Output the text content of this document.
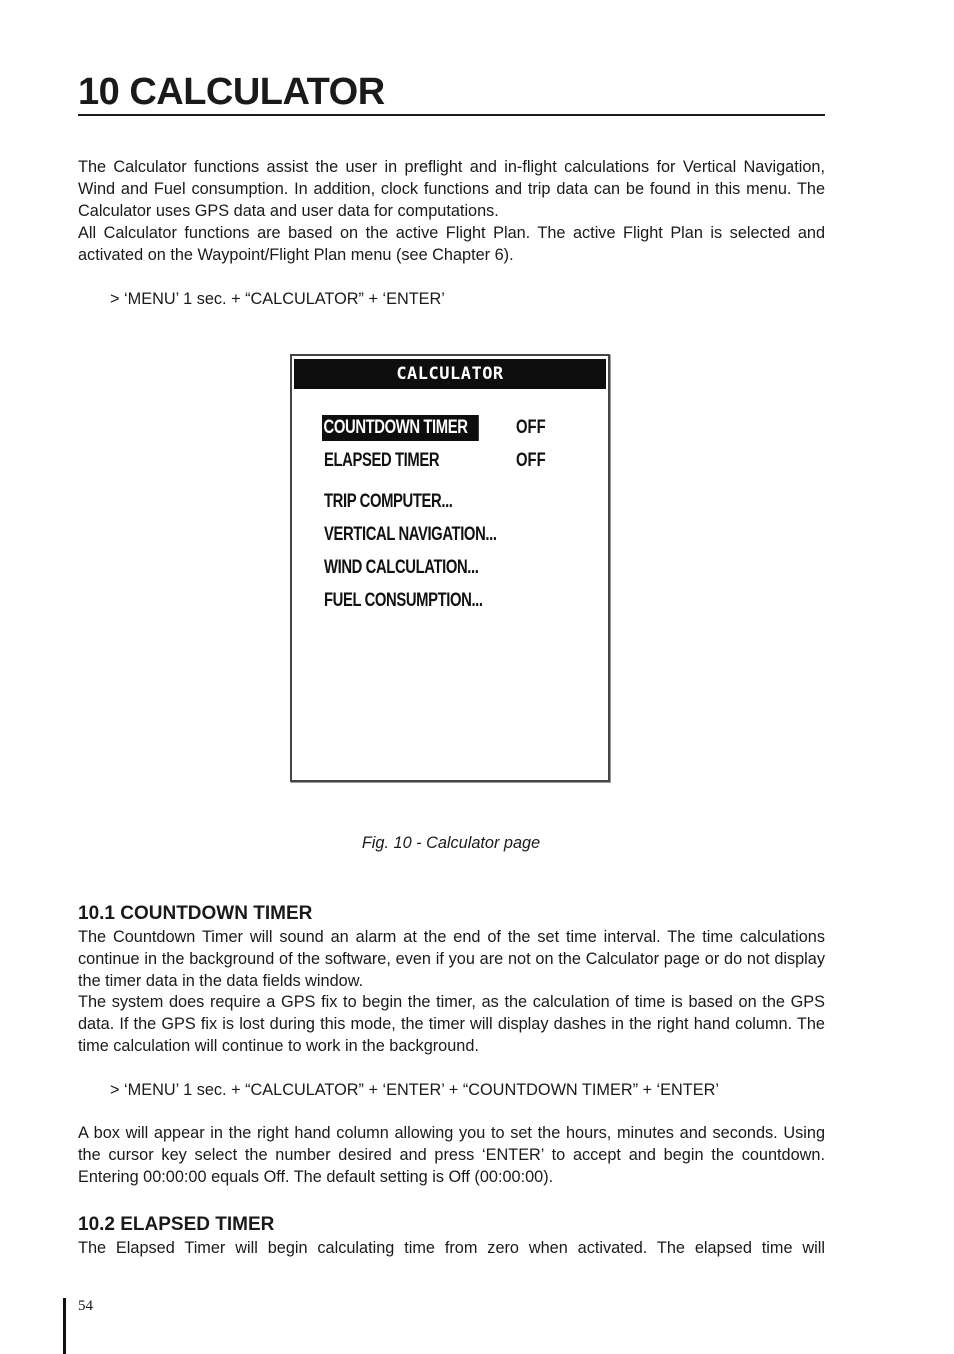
10 CALCULATOR

The Calculator functions assist the user in preflight and in-flight calculations for Vertical Navigation, Wind and Fuel consumption. In addition, clock functions and trip data can be found in this menu. The Calculator uses GPS data and user data for computations.

All Calculator functions are based on the active Flight Plan. The active Flight Plan is selected and activated on the Waypoint/Flight Plan menu (see Chapter 6).

> ‘MENU’ 1 sec. + “CALCULATOR” + ‘ENTER’

CALCULATOR
COUNTDOWN TIMER	OFF
ELAPSED TIMER	OFF
TRIP COMPUTER...
VERTICAL NAVIGATION...
WIND CALCULATION...
FUEL CONSUMPTION...

Fig. 10 - Calculator page

10.1 COUNTDOWN TIMER

The Countdown Timer will sound an alarm at the end of the set time interval. The time calculations continue in the background of the software, even if you are not on the Calculator page or do not display the timer data in the data fields window.

The system does require a GPS fix to begin the timer, as the calculation of time is based on the GPS data. If the GPS fix is lost during this mode, the timer will display dashes in the right hand column. The time calculation will continue to work in the background.

> ‘MENU’ 1 sec. + “CALCULATOR” + ‘ENTER’ + “COUNTDOWN TIMER” + ‘ENTER’

A box will appear in the right hand column allowing you to set the hours, minutes and seconds. Using the cursor key select the number desired and press ‘ENTER’ to accept and begin the countdown. Entering 00:00:00 equals Off. The default setting is Off (00:00:00).

10.2 ELAPSED TIMER

The Elapsed Timer will begin calculating time from zero when activated. The elapsed time will

54
